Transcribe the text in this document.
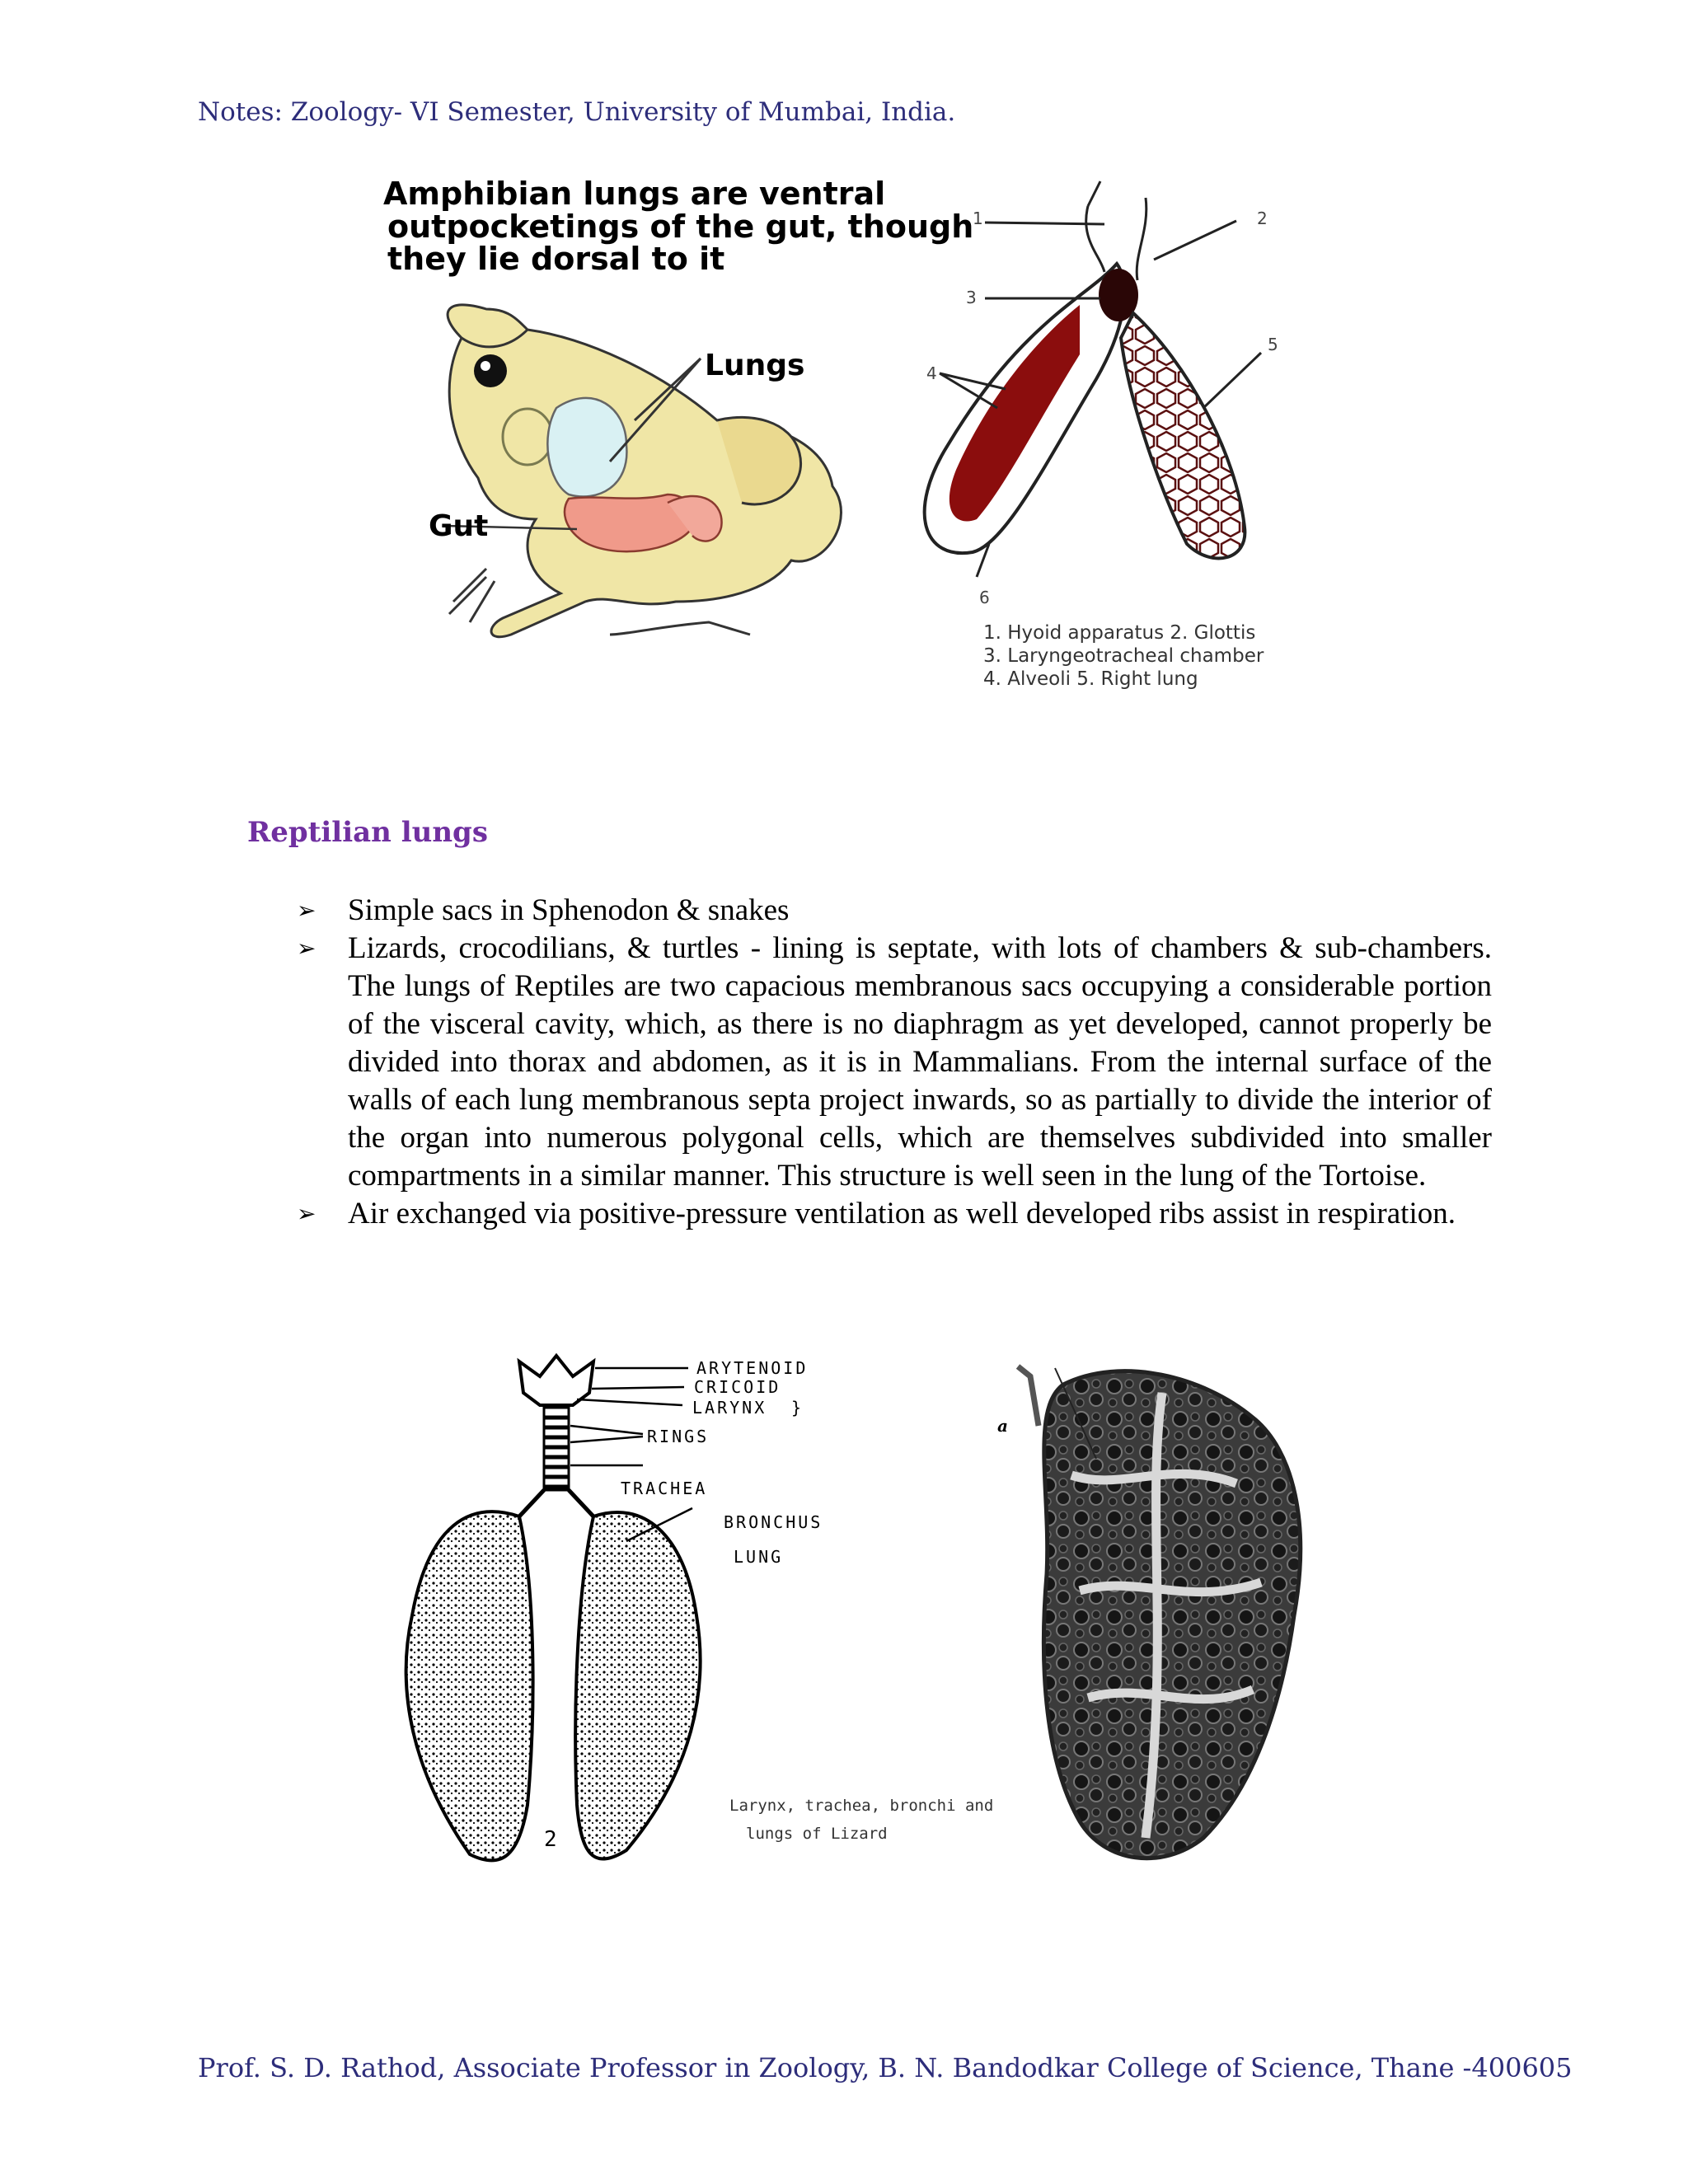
Notes: Zoology- VI Semester, University of Mumbai, India.
Amphibian lungs are ventral
outpocketings of the gut, though
they lie dorsal to it
Lungs
Gut
1	2
3
4
5
6
1. Hyoid apparatus 2. Glottis
3. Laryngeotracheal chamber
4. Alveoli 5. Right lung
Reptilian lungs
➢ Simple sacs in Sphenodon & snakes
➢ Lizards, crocodilians, & turtles - lining is septate, with lots of chambers & sub-chambers. The lungs of Reptiles are two capacious membranous sacs occupying a considerable portion of the visceral cavity, which, as there is no diaphragm as yet developed, cannot properly be divided into thorax and abdomen, as it is in Mammalians. From the internal surface of the walls of each lung membranous septa project inwards, so as partially to divide the interior of the organ into numerous polygonal cells, which are themselves subdivided into smaller compartments in a similar manner. This structure is well seen in the lung of the Tortoise.
➢ Air exchanged via positive-pressure ventilation as well developed ribs assist in respiration.
ARYTENOID
CRICOID
LARYNX }
RINGS
TRACHEA
BRONCHUS
LUNG
2
Larynx, trachea, bronchi and
lungs of Lizard
a
Prof. S. D. Rathod, Associate Professor in Zoology, B. N. Bandodkar College of Science, Thane -400605
